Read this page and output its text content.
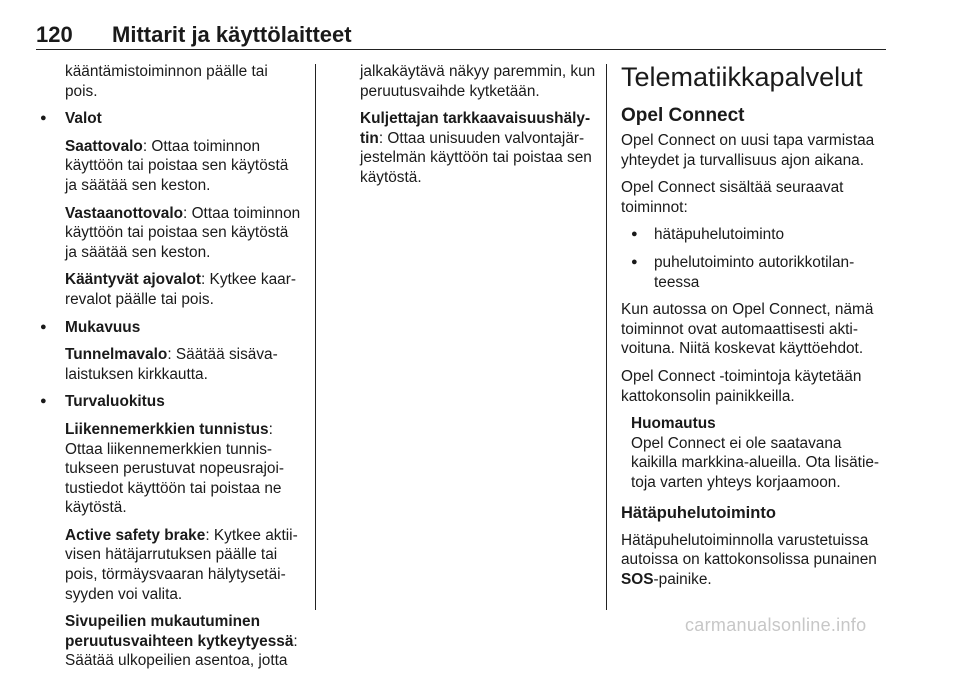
120 Mittarit ja käyttölaitteet

kääntämistoiminnon päälle tai pois.

● Valot

Saattovalo: Ottaa toiminnon käyttöön tai poistaa sen käytöstä ja säätää sen keston.

Vastaanottovalo: Ottaa toiminnon käyttöön tai poistaa sen käytöstä ja säätää sen keston.

Kääntyvät ajovalot: Kytkee kaarrevalot päälle tai pois.

● Mukavuus

Tunnelmavalo: Säätää sisävalaistuksen kirkkautta.

● Turvaluokitus

Liikennemerkkien tunnistus: Ottaa liikennemerkkien tunnistukseen perustuvat nopeusrajoitustiedot käyttöön tai poistaa ne käytöstä.

Active safety brake: Kytkee aktiivisen hätäjarrutuksen päälle tai pois, törmäysvaaran hälytysetäisyyden voi valita.

Sivupeilien mukautuminen peruutusvaihteen kytkeytyessä: Säätää ulkopeilien asentoa, jotta

jalkakäytävä näkyy paremmin, kun peruutusvaihde kytketään.

Kuljettajan tarkkaavaisuushälytin: Ottaa unisuuden valvontajärjestelmän käyttöön tai poistaa sen käytöstä.

Telematiikkapalvelut
Opel Connect

Opel Connect on uusi tapa varmistaa yhteydet ja turvallisuus ajon aikana.

Opel Connect sisältää seuraavat toiminnot:

● hätäpuhelutoiminto

● puhelutoiminto autorikkotilanteessa

Kun autossa on Opel Connect, nämä toiminnot ovat automaattisesti aktivoituna. Niitä koskevat käyttöehdot.

Opel Connect -toimintoja käytetään kattokonsolin painikkeilla.

Huomautus
Opel Connect ei ole saatavana kaikilla markkina-alueilla. Ota lisätietoja varten yhteys korjaamoon.
Hätäpuhelutoiminto

Hätäpuhelutoiminnolla varustetuissa autoissa on kattokonsolissa punainen SOS-painike.

carmanualsonline.info
